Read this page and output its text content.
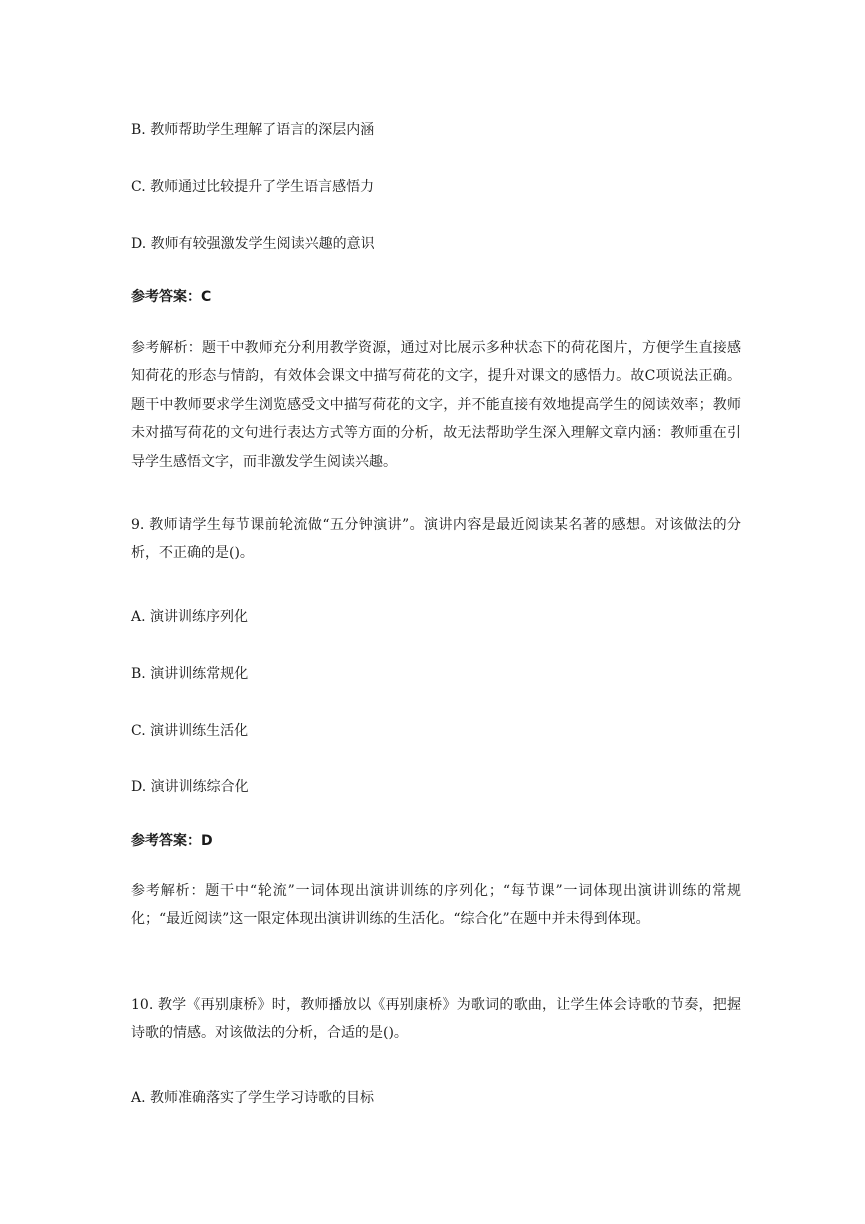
B. 教师帮助学生理解了语言的深层内涵
C. 教师通过比较提升了学生语言感悟力
D. 教师有较强激发学生阅读兴趣的意识
参考答案：C
参考解析：题干中教师充分利用教学资源，通过对比展示多种状态下的荷花图片，方便学生直接感知荷花的形态与情韵，有效体会课文中描写荷花的文字，提升对课文的感悟力。故C项说法正确。题干中教师要求学生浏览感受文中描写荷花的文字，并不能直接有效地提高学生的阅读效率；教师未对描写荷花的文句进行表达方式等方面的分析，故无法帮助学生深入理解文章内涵：教师重在引导学生感悟文字，而非激发学生阅读兴趣。
9. 教师请学生每节课前轮流做“五分钟演讲”。演讲内容是最近阅读某名著的感想。对该做法的分析，不正确的是()。
A. 演讲训练序列化
B. 演讲训练常规化
C. 演讲训练生活化
D. 演讲训练综合化
参考答案：D
参考解析：题干中“轮流”一词体现出演讲训练的序列化；“每节课”一词体现出演讲训练的常规化；“最近阅读”这一限定体现出演讲训练的生活化。“综合化”在题中并未得到体现。
10. 教学《再别康桥》时，教师播放以《再别康桥》为歌词的歌曲，让学生体会诗歌的节奏，把握诗歌的情感。对该做法的分析，合适的是()。
A. 教师准确落实了学生学习诗歌的目标
